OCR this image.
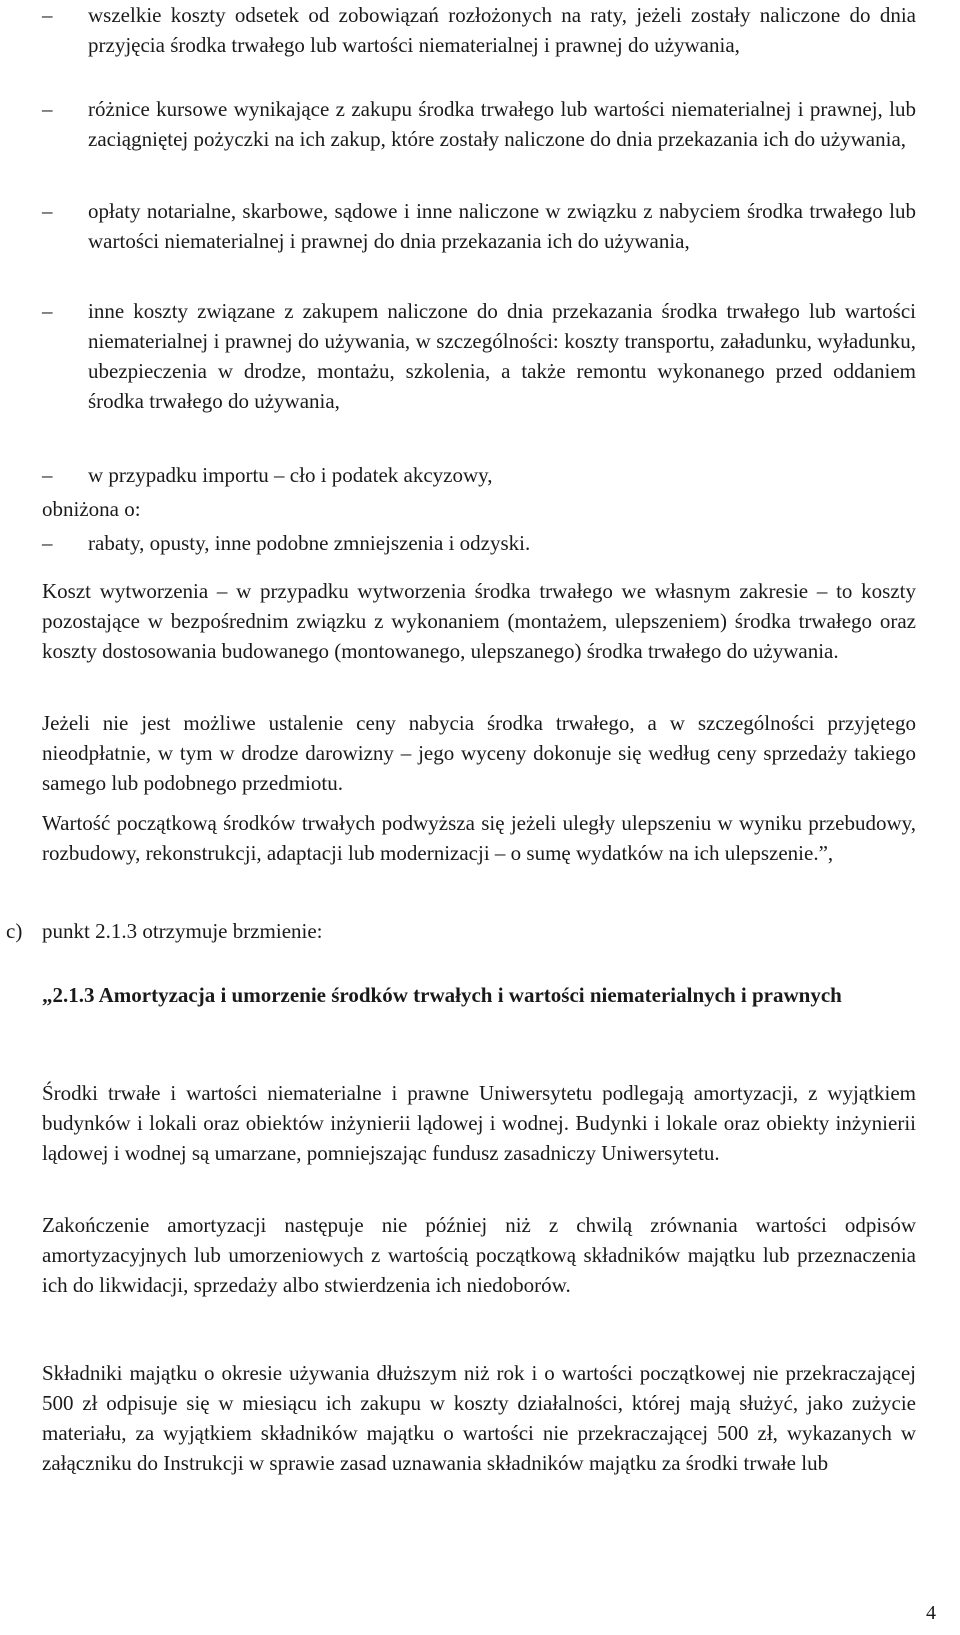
–	wszelkie koszty odsetek od zobowiązań rozłożonych na raty, jeżeli zostały naliczone do dnia przyjęcia środka trwałego lub wartości niematerialnej i prawnej do używania,
–	różnice kursowe wynikające z zakupu środka trwałego lub wartości niematerialnej i prawnej, lub zaciągniętej pożyczki na ich zakup, które zostały naliczone do dnia przekazania ich do używania,
–	opłaty notarialne, skarbowe, sądowe i inne naliczone w związku z nabyciem środka trwałego lub wartości niematerialnej i prawnej do dnia przekazania ich do używania,
–	inne koszty związane z zakupem naliczone do dnia przekazania środka trwałego lub wartości niematerialnej i prawnej do używania, w szczególności: koszty transportu, załadunku, wyładunku, ubezpieczenia w drodze, montażu, szkolenia, a także remontu wykonanego przed oddaniem środka trwałego do używania,
–	w przypadku importu – cło i podatek akcyzowy,
obniżona o:
–	rabaty, opusty, inne podobne zmniejszenia i odzyski.
Koszt wytworzenia – w przypadku wytworzenia środka trwałego we własnym zakresie – to koszty pozostające w bezpośrednim związku z wykonaniem (montażem, ulepszeniem) środka trwałego oraz koszty dostosowania budowanego (montowanego, ulepszanego) środka trwałego do używania.
Jeżeli nie jest możliwe ustalenie ceny nabycia środka trwałego, a w szczególności przyjętego nieodpłatnie, w tym w drodze darowizny – jego wyceny dokonuje się według ceny sprzedaży takiego samego lub podobnego przedmiotu.
Wartość początkową środków trwałych podwyższa się jeżeli uległy ulepszeniu w wyniku przebudowy, rozbudowy, rekonstrukcji, adaptacji lub modernizacji – o sumę wydatków na ich ulepszenie.”,
c) punkt 2.1.3 otrzymuje brzmienie:
„2.1.3 Amortyzacja i umorzenie środków trwałych i wartości niematerialnych i prawnych
Środki trwałe i wartości niematerialne i prawne Uniwersytetu podlegają amortyzacji, z wyjątkiem budynków i lokali oraz obiektów inżynierii lądowej i wodnej. Budynki i lokale oraz obiekty inżynierii lądowej i wodnej są umarzane, pomniejszając fundusz zasadniczy Uniwersytetu.
Zakończenie amortyzacji następuje nie później niż z chwilą zrównania wartości odpisów amortyzacyjnych lub umorzeniowych z wartością początkową składników majątku lub przeznaczenia ich do likwidacji, sprzedaży albo stwierdzenia ich niedoborów.
Składniki majątku o okresie używania dłuższym niż rok i o wartości początkowej nie przekraczającej 500 zł odpisuje się w miesiącu ich zakupu w koszty działalności, której mają służyć, jako zużycie materiału, za wyjątkiem składników majątku o wartości nie przekraczającej 500 zł, wykazanych w załączniku do Instrukcji w sprawie zasad uznawania składników majątku za środki trwałe lub
4
